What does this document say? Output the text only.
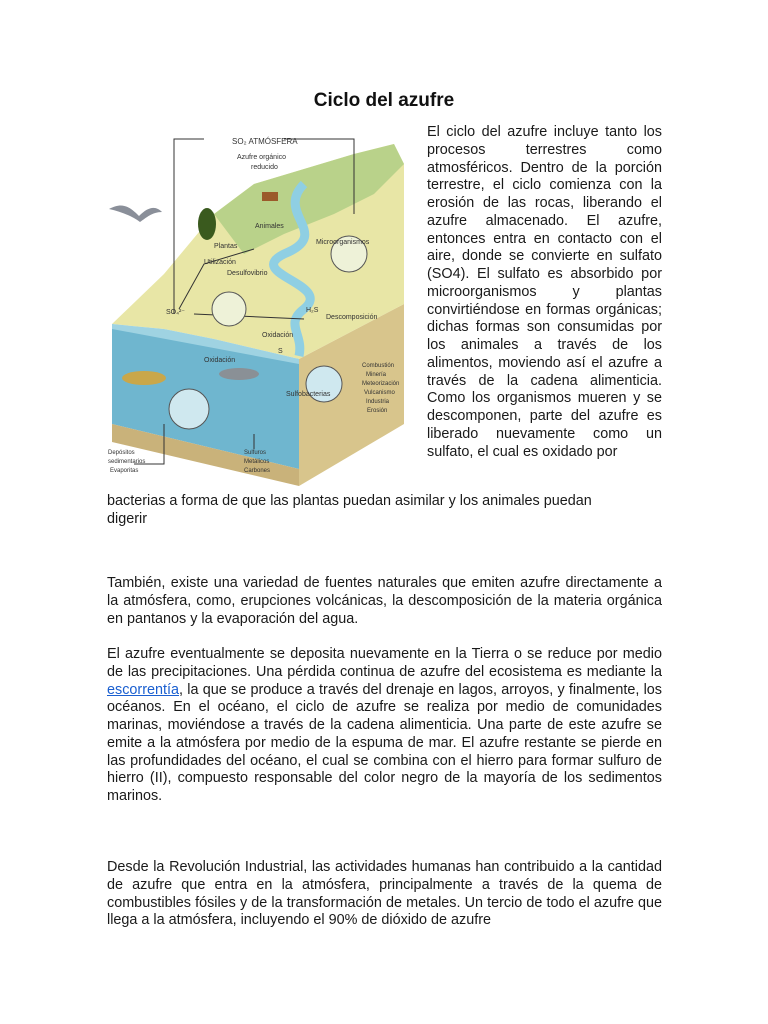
Ciclo del azufre
SO₂ ATMÓSFERA
Azufre orgánico
reducido
Animales
Plantas
Utilización
Desulfovibrio
Microorganismos
SO₄²⁻	H₂S
Descomposición
Oxidación
S
Oxidación
Sulfobacterias
Combustión
Minería
Meteorización
Vulcanismo
Industria
Erosión
Depósitos
sedimentarios
Evaporitas
Sulfuros
Metálicos
Carbones

El ciclo del azufre incluye tanto los procesos terrestres como atmosféricos. Dentro de la porción terrestre, el ciclo comienza con la erosión de las rocas, liberando el azufre almacenado. El azufre, entonces entra en contacto con el aire, donde se convierte en sulfato (SO4). El sulfato es absorbido por microorganismos y plantas convirtiéndose en formas orgánicas; dichas formas son consumidas por los animales a través de los alimentos, moviendo así el azufre a través de la cadena alimenticia. Como los organismos mueren y se descomponen, parte del azufre es liberado nuevamente como un sulfato, el cual es oxidado por

bacterias a forma de que las plantas puedan asimilar y los animales puedan
digerir

También, existe una variedad de fuentes naturales que emiten azufre directamente a la atmósfera, como, erupciones volcánicas, la descomposición de la materia orgánica en pantanos y la evaporación del agua.

El azufre eventualmente se deposita nuevamente en la Tierra o se reduce por medio de las precipitaciones. Una pérdida continua de azufre del ecosistema es mediante la escorrentía, la que se produce a través del drenaje en lagos, arroyos, y finalmente, los océanos. En el océano, el ciclo de azufre se realiza por medio de comunidades marinas, moviéndose a través de la cadena alimenticia. Una parte de este azufre se emite a la atmósfera por medio de la espuma de mar. El azufre restante se pierde en las profundidades del océano, el cual se combina con el hierro para formar sulfuro de hierro (II), compuesto responsable del color negro de la mayoría de los sedimentos marinos.

Desde la Revolución Industrial, las actividades humanas han contribuido a la cantidad de azufre que entra en la atmósfera, principalmente a través de la quema de combustibles fósiles y de la transformación de metales. Un tercio de todo el azufre que llega a la atmósfera, incluyendo el 90% de dióxido de azufre
